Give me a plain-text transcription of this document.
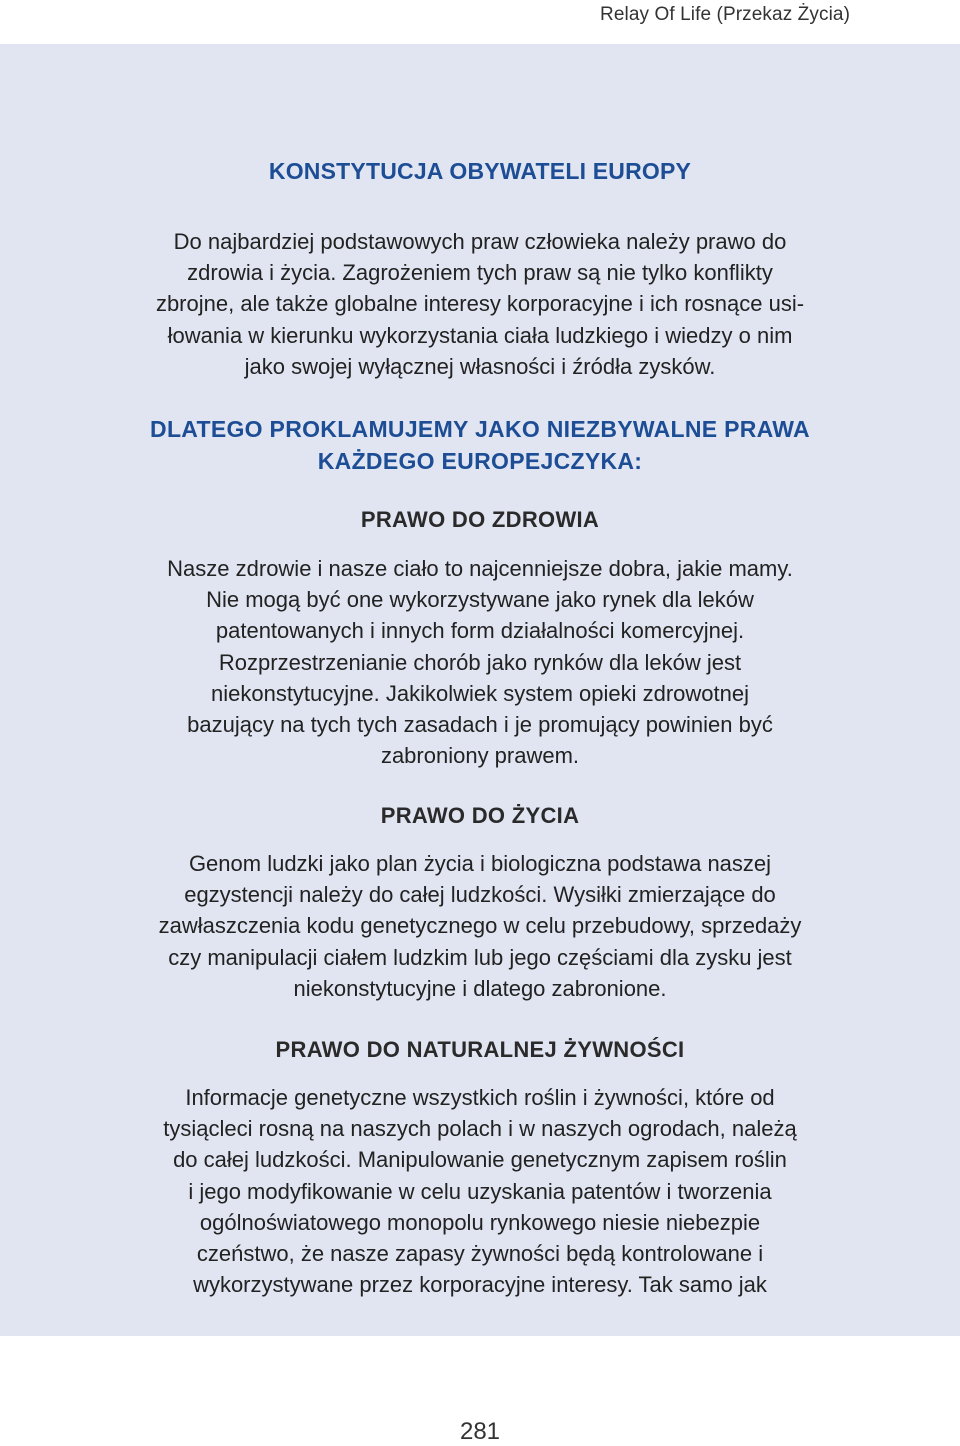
Relay Of Life (Przekaz Życia)
KONSTYTUCJA OBYWATELI EUROPY
Do najbardziej podstawowych praw człowieka należy prawo do
zdrowia i życia. Zagrożeniem tych praw są nie tylko konflikty
zbrojne, ale także globalne interesy korporacyjne i ich rosnące usi-
łowania w kierunku wykorzystania ciała ludzkiego i wiedzy o nim
jako swojej wyłącznej własności i źródła zysków.
DLATEGO PROKLAMUJEMY JAKO NIEZBYWALNE PRAWA
KAŻDEGO EUROPEJCZYKA:
PRAWO DO ZDROWIA
Nasze zdrowie i nasze ciało to najcenniejsze dobra, jakie mamy.
Nie mogą być one wykorzystywane jako rynek dla leków
patentowanych i innych form działalności komercyjnej.
Rozprzestrzenianie chorób jako rynków dla leków jest
niekonstytucyjne. Jakikolwiek system opieki zdrowotnej
bazujący na tych tych zasadach i je promujący powinien być
zabroniony prawem.
PRAWO DO ŻYCIA
Genom ludzki jako plan życia i biologiczna podstawa naszej
egzystencji należy do całej ludzkości. Wysiłki zmierzające do
zawłaszczenia kodu genetycznego w celu przebudowy, sprzedaży
czy manipulacji ciałem ludzkim lub jego częściami dla zysku jest
niekonstytucyjne i dlatego zabronione.
PRAWO DO NATURALNEJ ŻYWNOŚCI
Informacje genetyczne wszystkich roślin i żywności, które od
tysiącleci rosną na naszych polach i w naszych ogrodach, należą
do całej ludzkości. Manipulowanie genetycznym zapisem roślin
i jego modyfikowanie w celu uzyskania patentów i tworzenia
ogólnoświatowego monopolu rynkowego niesie niebezpie
czeństwo, że nasze zapasy żywności będą kontrolowane i
wykorzystywane przez korporacyjne interesy. Tak samo jak
281
